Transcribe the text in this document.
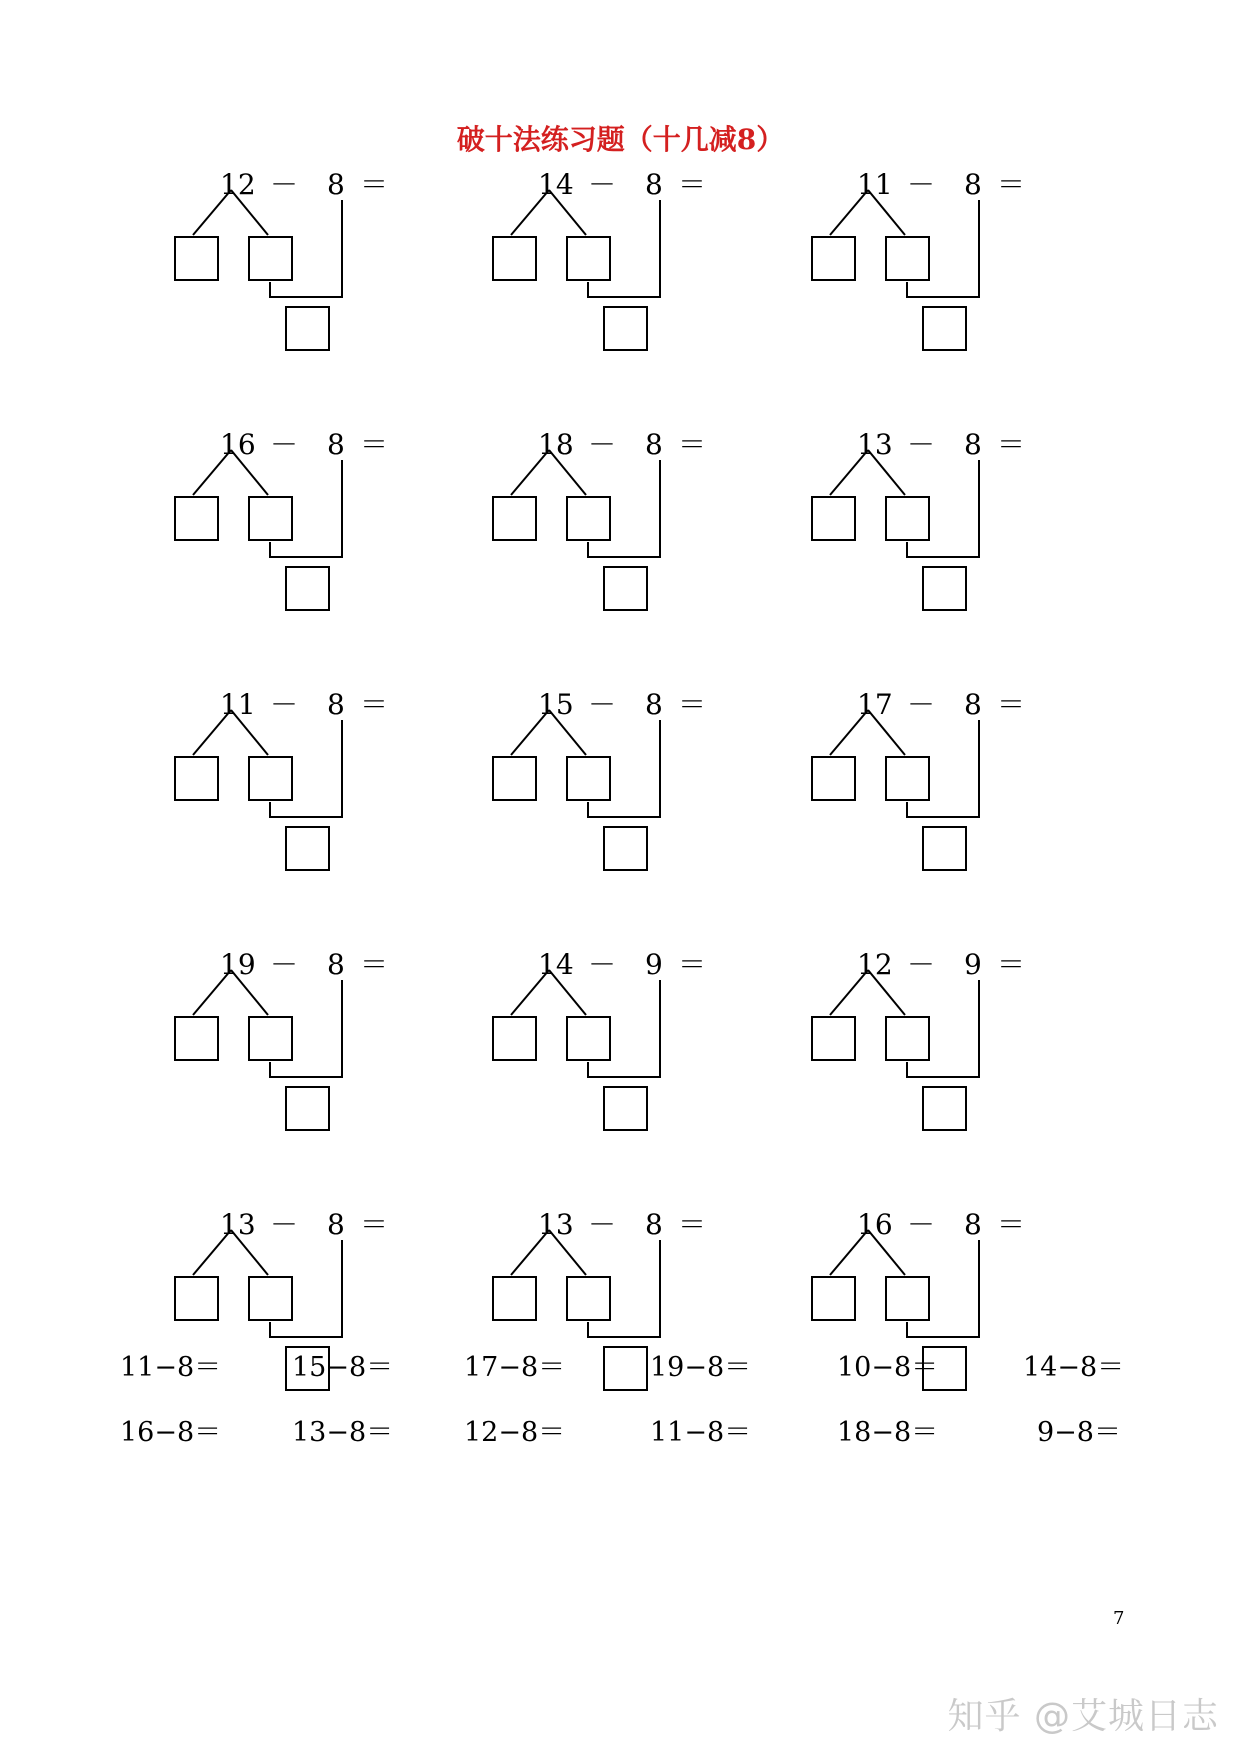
破十法练习题（十几减8）
12 － 8 ＝	14 － 8 ＝	11 － 8 ＝
16 － 8 ＝	18 － 8 ＝	13 － 8 ＝
11 － 8 ＝	15 － 8 ＝	17 － 8 ＝
19 － 8 ＝	14 － 9 ＝	12 － 9 ＝
13 － 8 ＝	13 － 8 ＝	16 － 8 ＝
11−8＝	15−8＝	17−8＝	19−8＝	10−8＝	14−8＝
16−8＝	13−8＝	12−8＝	11−8＝	18−8＝	9−8＝
7
知乎 @艾城日志
